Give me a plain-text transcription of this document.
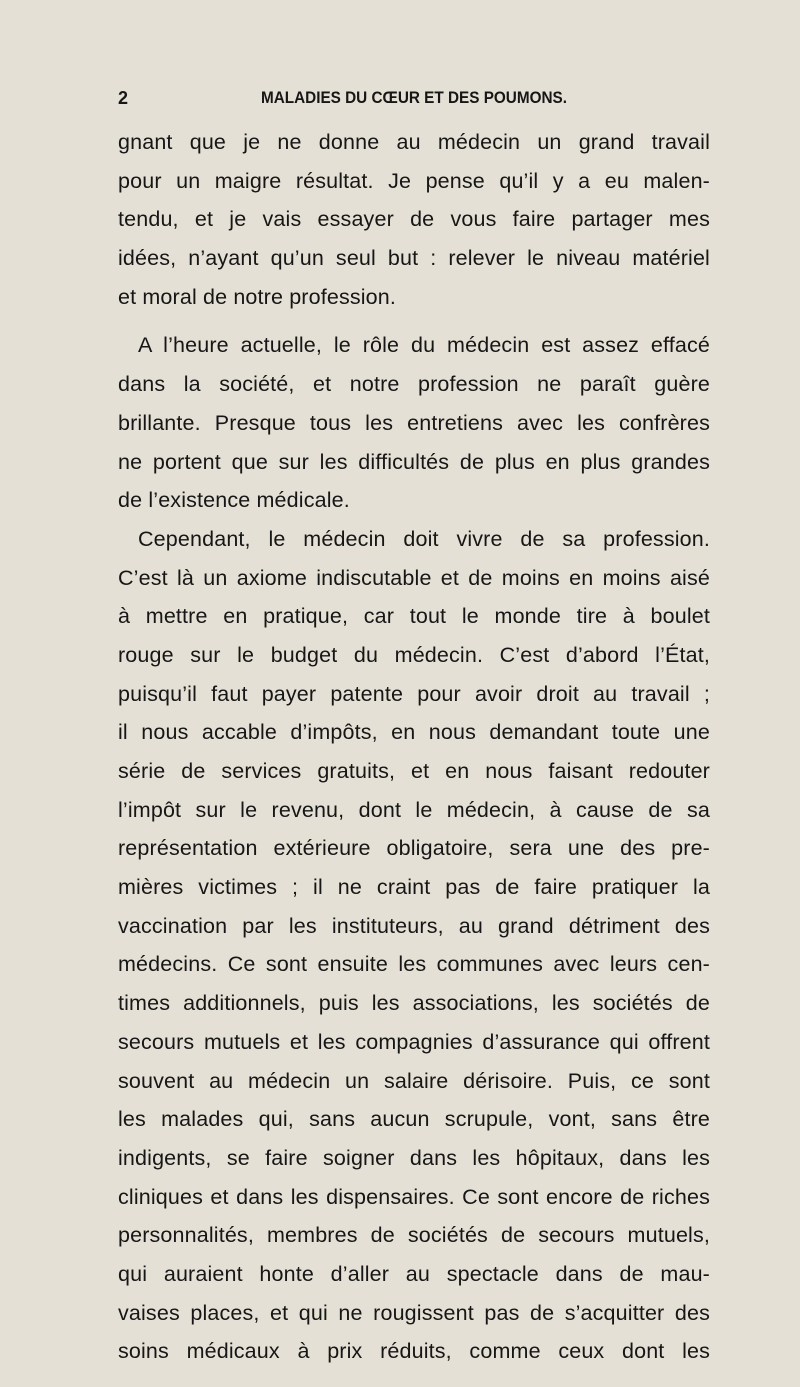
2	MALADIES DU CŒUR ET DES POUMONS.
gnant que je ne donne au médecin un grand travail
pour un maigre résultat. Je pense qu’il y a eu malen-
tendu, et je vais essayer de vous faire partager mes
idées, n’ayant qu’un seul but : relever le niveau matériel
et moral de notre profession.
A l’heure actuelle, le rôle du médecin est assez effacé
dans la société, et notre profession ne paraît guère
brillante. Presque tous les entretiens avec les confrères
ne portent que sur les difficultés de plus en plus grandes
de l’existence médicale.
Cependant, le médecin doit vivre de sa profession.
C’est là un axiome indiscutable et de moins en moins aisé
à mettre en pratique, car tout le monde tire à boulet
rouge sur le budget du médecin. C’est d’abord l’État,
puisqu’il faut payer patente pour avoir droit au travail ;
il nous accable d’impôts, en nous demandant toute une
série de services gratuits, et en nous faisant redouter
l’impôt sur le revenu, dont le médecin, à cause de sa
représentation extérieure obligatoire, sera une des pre-
mières victimes ; il ne craint pas de faire pratiquer la
vaccination par les instituteurs, au grand détriment des
médecins. Ce sont ensuite les communes avec leurs cen-
times additionnels, puis les associations, les sociétés de
secours mutuels et les compagnies d’assurance qui offrent
souvent au médecin un salaire dérisoire. Puis, ce sont
les malades qui, sans aucun scrupule, vont, sans être
indigents, se faire soigner dans les hôpitaux, dans les
cliniques et dans les dispensaires. Ce sont encore de riches
personnalités, membres de sociétés de secours mutuels,
qui auraient honte d’aller au spectacle dans de mau-
vaises places, et qui ne rougissent pas de s’acquitter des
soins médicaux à prix réduits, comme ceux dont les
